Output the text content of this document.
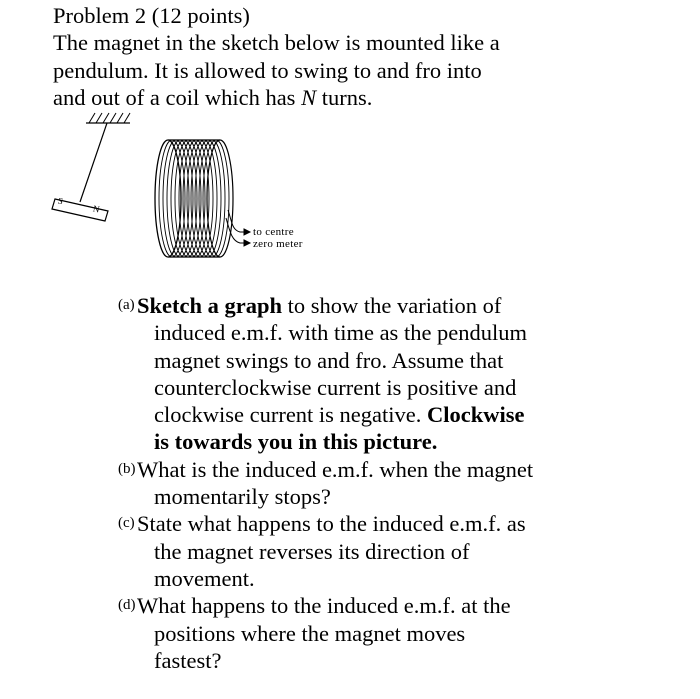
Problem 2 (12 points)
The magnet in the sketch below is mounted like a
pendulum. It is allowed to swing to and fro into
and out of a coil which has N turns.
S
N
to centre
zero meter
(a) Sketch a graph to show the variation of
induced e.m.f. with time as the pendulum
magnet swings to and fro. Assume that
counterclockwise current is positive and
clockwise current is negative. Clockwise
is towards you in this picture.
(b) What is the induced e.m.f. when the magnet
momentarily stops?
(c) State what happens to the induced e.m.f. as
the magnet reverses its direction of
movement.
(d) What happens to the induced e.m.f. at the
positions where the magnet moves
fastest?
